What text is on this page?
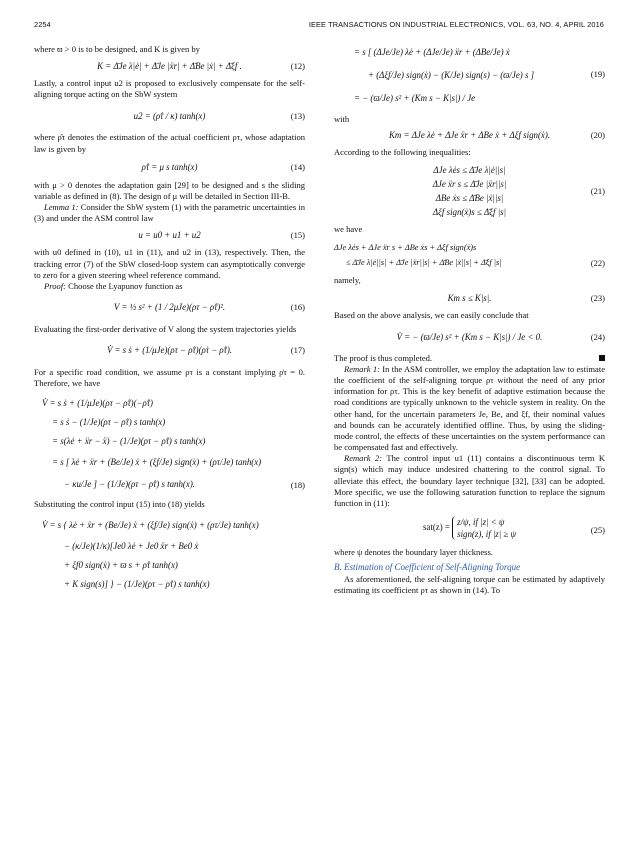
2254	IEEE TRANSACTIONS ON INDUSTRIAL ELECTRONICS, VOL. 63, NO. 4, APRIL 2016

where ϖ > 0 is to be designed, and K is given by

K = Δ̄Je λ|ė| + Δ̄Je |ẍr| + Δ̄Be |ẋ| + Δ̄ξf .	(12)

Lastly, a control input u2 is proposed to exclusively compensate for the self-aligning torque acting on the SbW system

u2 = (ρ̂τ / κ) tanh(x)	(13)

where ρ̂τ denotes the estimation of the actual coefficient ρτ, whose adaptation law is given by

ρ̂̇τ = μ s tanh(x)	(14)

with μ > 0 denotes the adaptation gain [29] to be designed and s the sliding variable as defined in (8). The design of μ will be detailed in Section III-B.

Lemma 1: Consider the SbW system (1) with the parametric uncertainties in (3) and under the ASM control law

u = u0 + u1 + u2	(15)

with u0 defined in (10), u1 in (11), and u2 in (13), respectively. Then, the tracking error (7) of the SbW closed-loop system can asymptotically converge to zero for a given steering wheel reference command.

Proof: Choose the Lyapunov function as

V = ½ s² + (1 / 2μJe)(ρτ − ρ̂τ)².	(16)

Evaluating the first-order derivative of V along the system trajectories yields

V̇ = s ṡ + (1/μJe)(ρτ − ρ̂τ)(ρ̇τ − ρ̂̇τ).	(17)

For a specific road condition, we assume ρτ is a constant implying ρ̇τ = 0. Therefore, we have

V̇ = s ṡ + (1/μJe)(ρτ − ρ̂τ)(−ρ̂̇τ)
= s ṡ − (1/Je)(ρτ − ρ̂τ) s tanh(x)
= s(λė + ẍr − ẍ) − (1/Je)(ρτ − ρ̂τ) s tanh(x)
= s [ λė + ẍr + (Be/Je) ẋ + (ξf/Je) sign(ẋ) + (ρτ/Je) tanh(x)
− κu/Je ] − (1/Je)(ρτ − ρ̂τ) s tanh(x).	(18)

Substituting the control input (15) into (18) yields

V̇ = s { λė + ẍr + (Be/Je) ẋ + (ξf/Je) sign(ẋ) + (ρτ/Je) tanh(x)
− (κ/Je)(1/κ)[Je0 λė + Je0 ẍr + Be0 ẋ
+ ξf0 sign(ẋ) + ϖ s + ρ̂τ tanh(x)
+ K sign(s)] } − (1/Je)(ρτ − ρ̂τ) s tanh(x)
= s [ (ΔJe/Je) λė + (ΔJe/Je) ẍr + (ΔBe/Je) ẋ
+ (Δξf/Je) sign(ẋ) − (K/Je) sign(s) − (ϖ/Je) s ]
= − (ϖ/Je) s² + (Km s − K|s|) / Je
(19)

with

Km = ΔJe λė + ΔJe ẍr + ΔBe ẋ + Δξf sign(ẋ).	(20)

According to the following inequalities:

ΔJe λės ≤ Δ̄Je λ|ė||s|
ΔJe ẍr s ≤ Δ̄Je |ẍr||s|
ΔBe ẋs ≤ Δ̄Be |ẋ||s|
Δξf sign(ẋ)s ≤ Δ̄ξf |s|
(21)

we have

ΔJe λės + ΔJe ẍr s + ΔBe ẋs + Δξf sign(ẋ)s
≤ Δ̄Je λ|ė||s| + Δ̄Je |ẍr||s| + Δ̄Be |ẋ||s| + Δ̄ξf |s|	(22)

namely,

Km s ≤ K|s|.	(23)

Based on the above analysis, we can easily conclude that

V̇ = − (ϖ/Je) s² + (Km s − K|s|) / Je < 0.	(24)

The proof is thus completed.

Remark 1: In the ASM controller, we employ the adaptation law to estimate the coefficient of the self-aligning torque ρτ without the need of any prior information for ρτ. This is the key benefit of adaptive estimation because the road conditions are typically unknown to the vehicle system in reality. On the other hand, for the uncertain parameters Je, Be, and ξf, their nominal values and bounds can be accurately identified offline. Thus, by using the sliding-mode control, the effects of these uncertainties on the system performance can be compensated fast and effectively.

Remark 2: The control input u1 (11) contains a discontinuous term K sign(s) which may induce undesired chattering to the control signal. To alleviate this effect, the boundary layer technique [32], [33] can be adopted. More specific, we use the following saturation function to replace the signum function in (11):

sat(z) =
z/ψ, if |z| < ψ
sign(z), if |z| ≥ ψ	(25)

where ψ denotes the boundary layer thickness.

B. Estimation of Coefficient of Self-Aligning Torque

As aforementioned, the self-aligning torque can be estimated by adaptively estimating its coefficient ρτ as shown in (14). To
